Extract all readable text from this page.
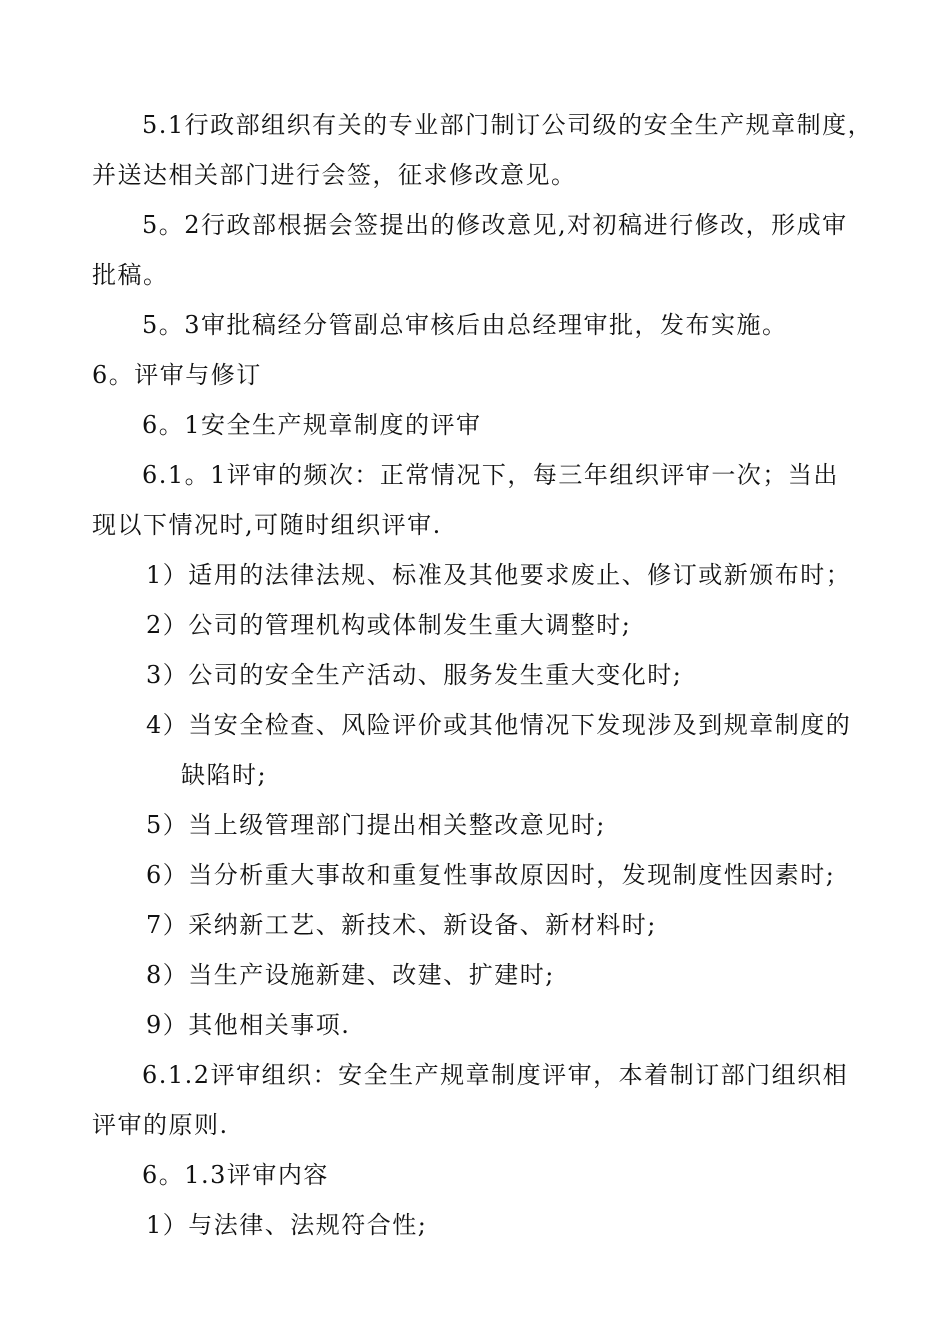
5.1行政部组织有关的专业部门制订公司级的安全生产规章制度，
并送达相关部门进行会签，征求修改意见。
5。2行政部根据会签提出的修改意见,对初稿进行修改，形成审
批稿。
5。3审批稿经分管副总审核后由总经理审批，发布实施。
6。评审与修订
6。1安全生产规章制度的评审
6.1。1评审的频次：正常情况下，每三年组织评审一次；当出
现以下情况时,可随时组织评审.
1）适用的法律法规、标准及其他要求废止、修订或新颁布时；
2）公司的管理机构或体制发生重大调整时;
3）公司的安全生产活动、服务发生重大变化时;
4）当安全检查、风险评价或其他情况下发现涉及到规章制度的
缺陷时;
5）当上级管理部门提出相关整改意见时;
6）当分析重大事故和重复性事故原因时，发现制度性因素时;
7）采纳新工艺、新技术、新设备、新材料时;
8）当生产设施新建、改建、扩建时;
9）其他相关事项.
6.1.2评审组织：安全生产规章制度评审，本着制订部门组织相
评审的原则.
6。1.3评审内容
1）与法律、法规符合性;
